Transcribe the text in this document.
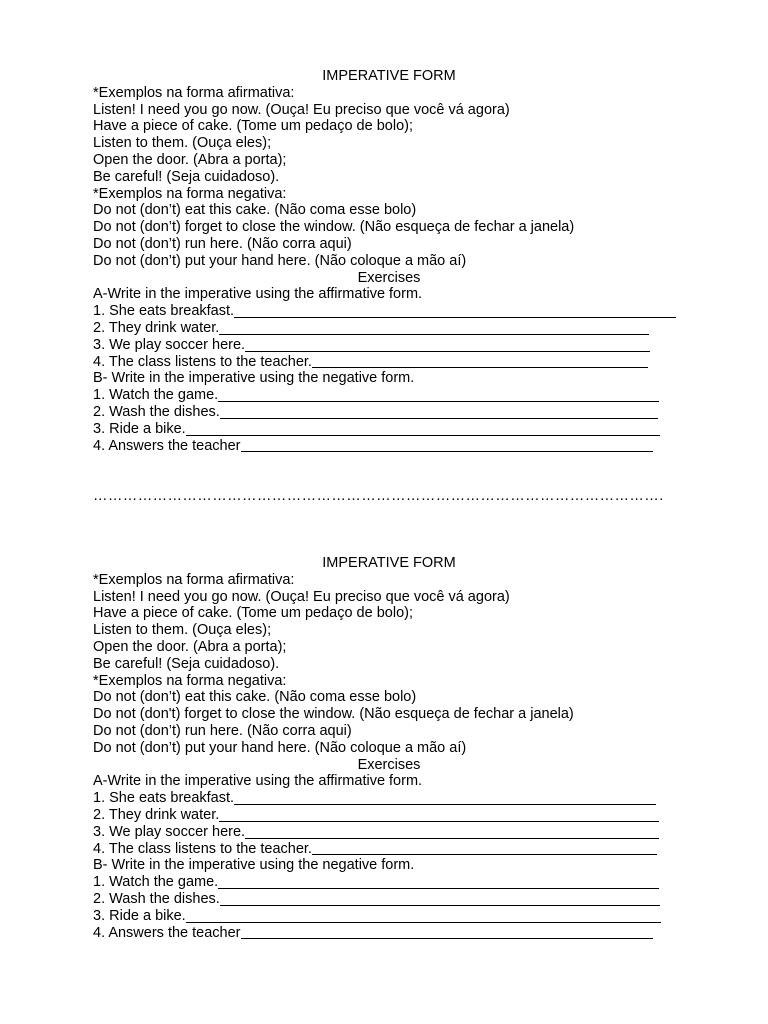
IMPERATIVE FORM
*Exemplos na forma afirmativa:
Listen! I need you go now. (Ouça! Eu preciso que você vá agora)
Have a piece of cake. (Tome um pedaço de bolo);
Listen to them. (Ouça eles);
Open the door. (Abra a porta);
Be careful! (Seja cuidadoso).
*Exemplos na forma negativa:
Do not (don’t) eat this cake. (Não coma esse bolo)
Do not (don’t) forget to close the window. (Não esqueça de fechar a janela)
Do not (don’t) run here. (Não corra aqui)
Do not (don’t) put your hand here. (Não coloque a mão aí)
Exercises
A-Write in the imperative using the affirmative form.
1. She eats breakfast.
2. They drink water.
3. We play soccer here.
4. The class listens to the teacher.
B- Write in the imperative using the negative form.
1. Watch the game.
2. Wash the dishes.
3. Ride a bike.
4. Answers the teacher
…………………………………………………………………………………………………….
IMPERATIVE FORM
*Exemplos na forma afirmativa:
Listen! I need you go now. (Ouça! Eu preciso que você vá agora)
Have a piece of cake. (Tome um pedaço de bolo);
Listen to them. (Ouça eles);
Open the door. (Abra a porta);
Be careful! (Seja cuidadoso).
*Exemplos na forma negativa:
Do not (don’t) eat this cake. (Não coma esse bolo)
Do not (don't) forget to close the window. (Não esqueça de fechar a janela)
Do not (don’t) run here. (Não corra aqui)
Do not (don’t) put your hand here. (Não coloque a mão aí)
Exercises
A-Write in the imperative using the affirmative form.
1. She eats breakfast.
2. They drink water.
3. We play soccer here.
4. The class listens to the teacher.
B- Write in the imperative using the negative form.
1. Watch the game.
2. Wash the dishes.
3. Ride a bike.
4. Answers the teacher
